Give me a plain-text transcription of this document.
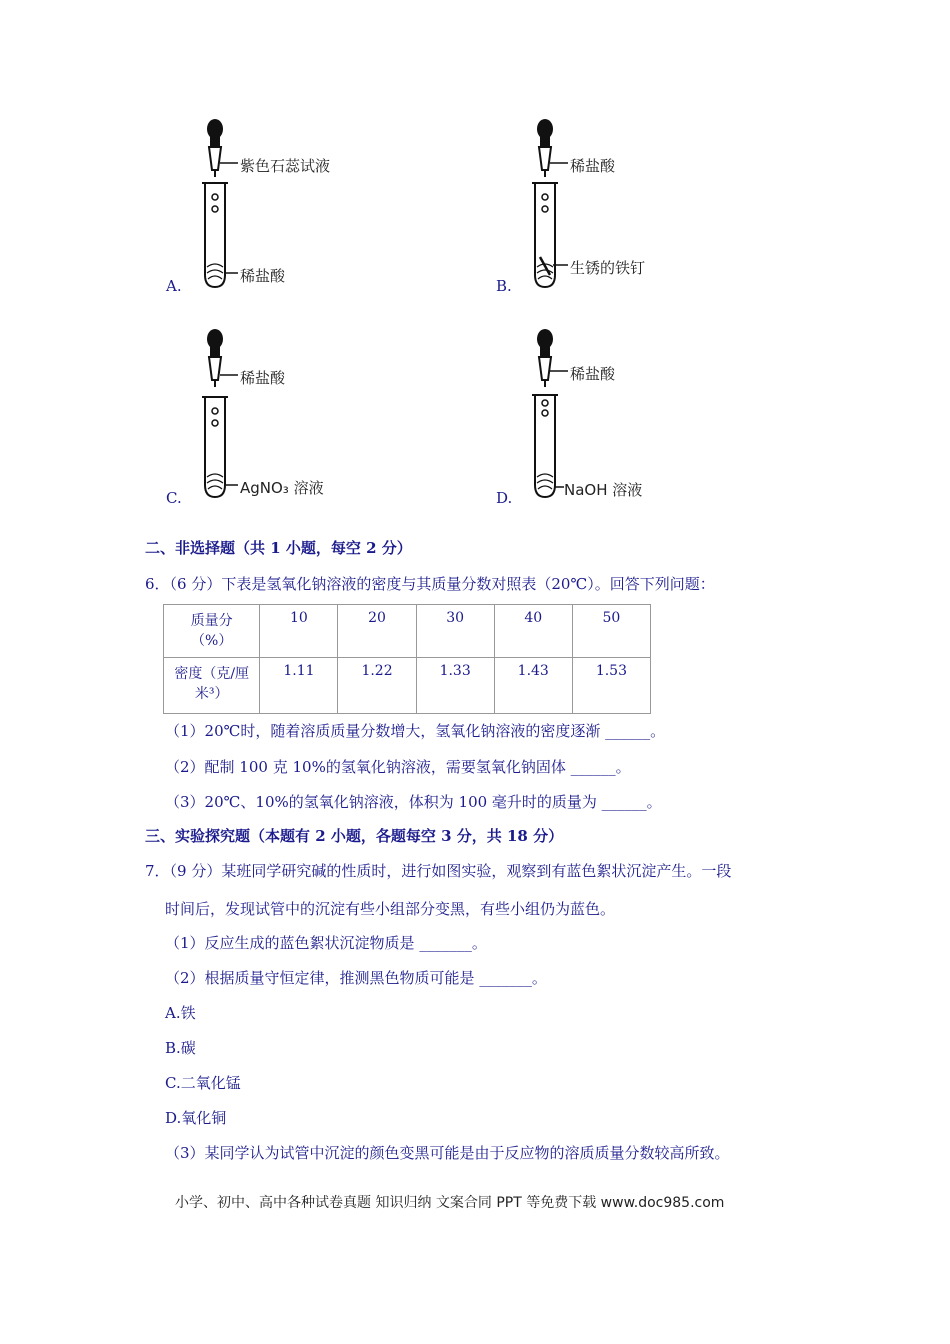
紫色石蕊试液
稀盐酸
A.
稀盐酸
生锈的铁钉
B.
稀盐酸
AgNO₃ 溶液
C.
稀盐酸
NaOH 溶液
D.
二、非选择题（共 1 小题，每空 2 分）
6．（6 分）下表是氢氧化钠溶液的密度与其质量分数对照表（20℃）。回答下列问题：
质量分
（%）	10	20	30	40	50

密度（克/厘
米³）	1.11	1.22	1.33	1.43	1.53
（1）20℃时，随着溶质质量分数增大，氢氧化钠溶液的密度逐渐 ______。
（2）配制 100 克 10%的氢氧化钠溶液，需要氢氧化钠固体 ______。
（3）20℃、10%的氢氧化钠溶液，体积为 100 毫升时的质量为 ______。
三、实验探究题（本题有 2 小题，各题每空 3 分，共 18 分）
7．（9 分）某班同学研究碱的性质时，进行如图实验，观察到有蓝色絮状沉淀产生。一段
时间后，发现试管中的沉淀有些小组部分变黑，有些小组仍为蓝色。
（1）反应生成的蓝色絮状沉淀物质是 _______。
（2）根据质量守恒定律，推测黑色物质可能是 _______。
A.铁
B.碳
C.二氧化锰
D.氧化铜
（3）某同学认为试管中沉淀的颜色变黑可能是由于反应物的溶质质量分数较高所致。
小学、初中、高中各种试卷真题 知识归纳 文案合同 PPT 等免费下载 www.doc985.com
